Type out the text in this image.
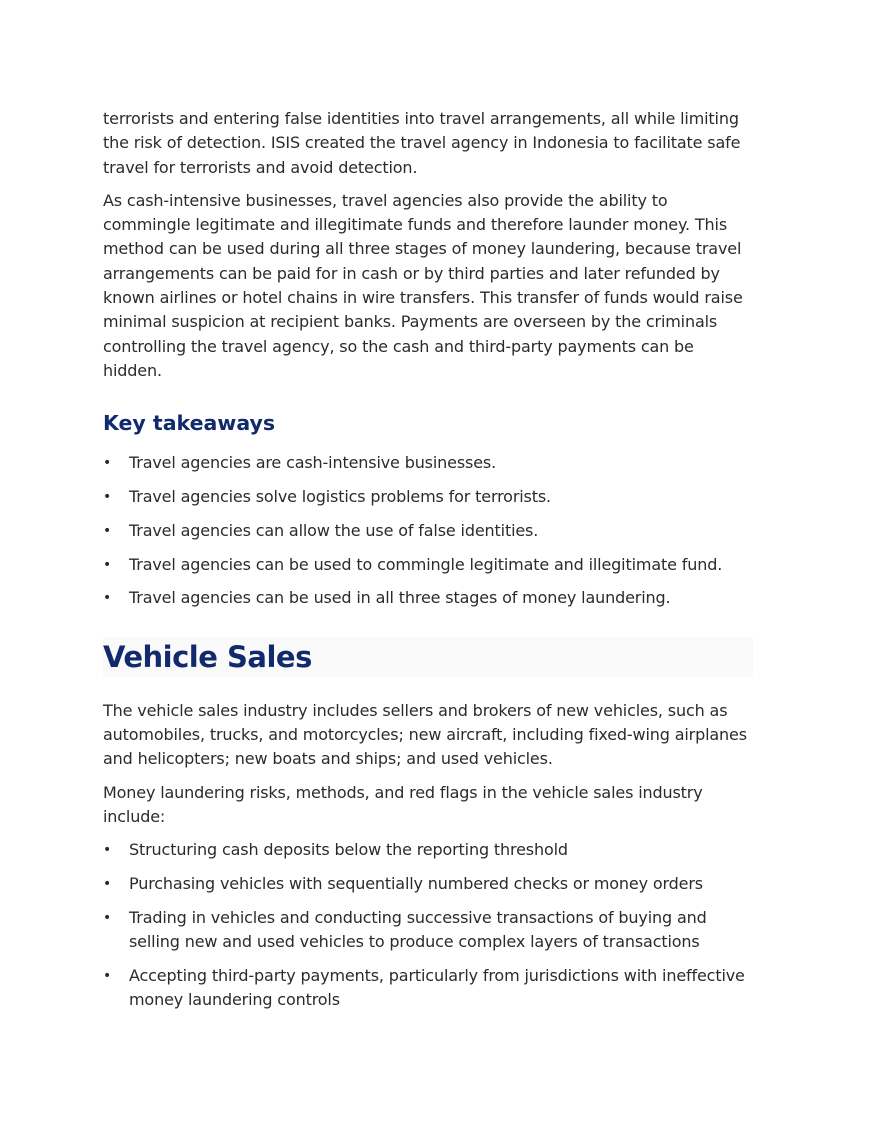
terrorists and entering false identities into travel arrangements, all while limiting the risk of detection. ISIS created the travel agency in Indonesia to facilitate safe travel for terrorists and avoid detection.

As cash-intensive businesses, travel agencies also provide the ability to commingle legitimate and illegitimate funds and therefore launder money. This method can be used during all three stages of money laundering, because travel arrangements can be paid for in cash or by third parties and later refunded by known airlines or hotel chains in wire transfers. This transfer of funds would raise minimal suspicion at recipient banks. Payments are overseen by the criminals controlling the travel agency, so the cash and third-party payments can be hidden.

Key takeaways
• Travel agencies are cash-intensive businesses.
• Travel agencies solve logistics problems for terrorists.
• Travel agencies can allow the use of false identities.
• Travel agencies can be used to commingle legitimate and illegitimate fund.
• Travel agencies can be used in all three stages of money laundering.
Vehicle Sales

The vehicle sales industry includes sellers and brokers of new vehicles, such as automobiles, trucks, and motorcycles; new aircraft, including fixed-wing airplanes and helicopters; new boats and ships; and used vehicles.

Money laundering risks, methods, and red flags in the vehicle sales industry include:

• Structuring cash deposits below the reporting threshold
• Purchasing vehicles with sequentially numbered checks or money orders
• Trading in vehicles and conducting successive transactions of buying and selling new and used vehicles to produce complex layers of transactions
• Accepting third-party payments, particularly from jurisdictions with ineffective money laundering controls
